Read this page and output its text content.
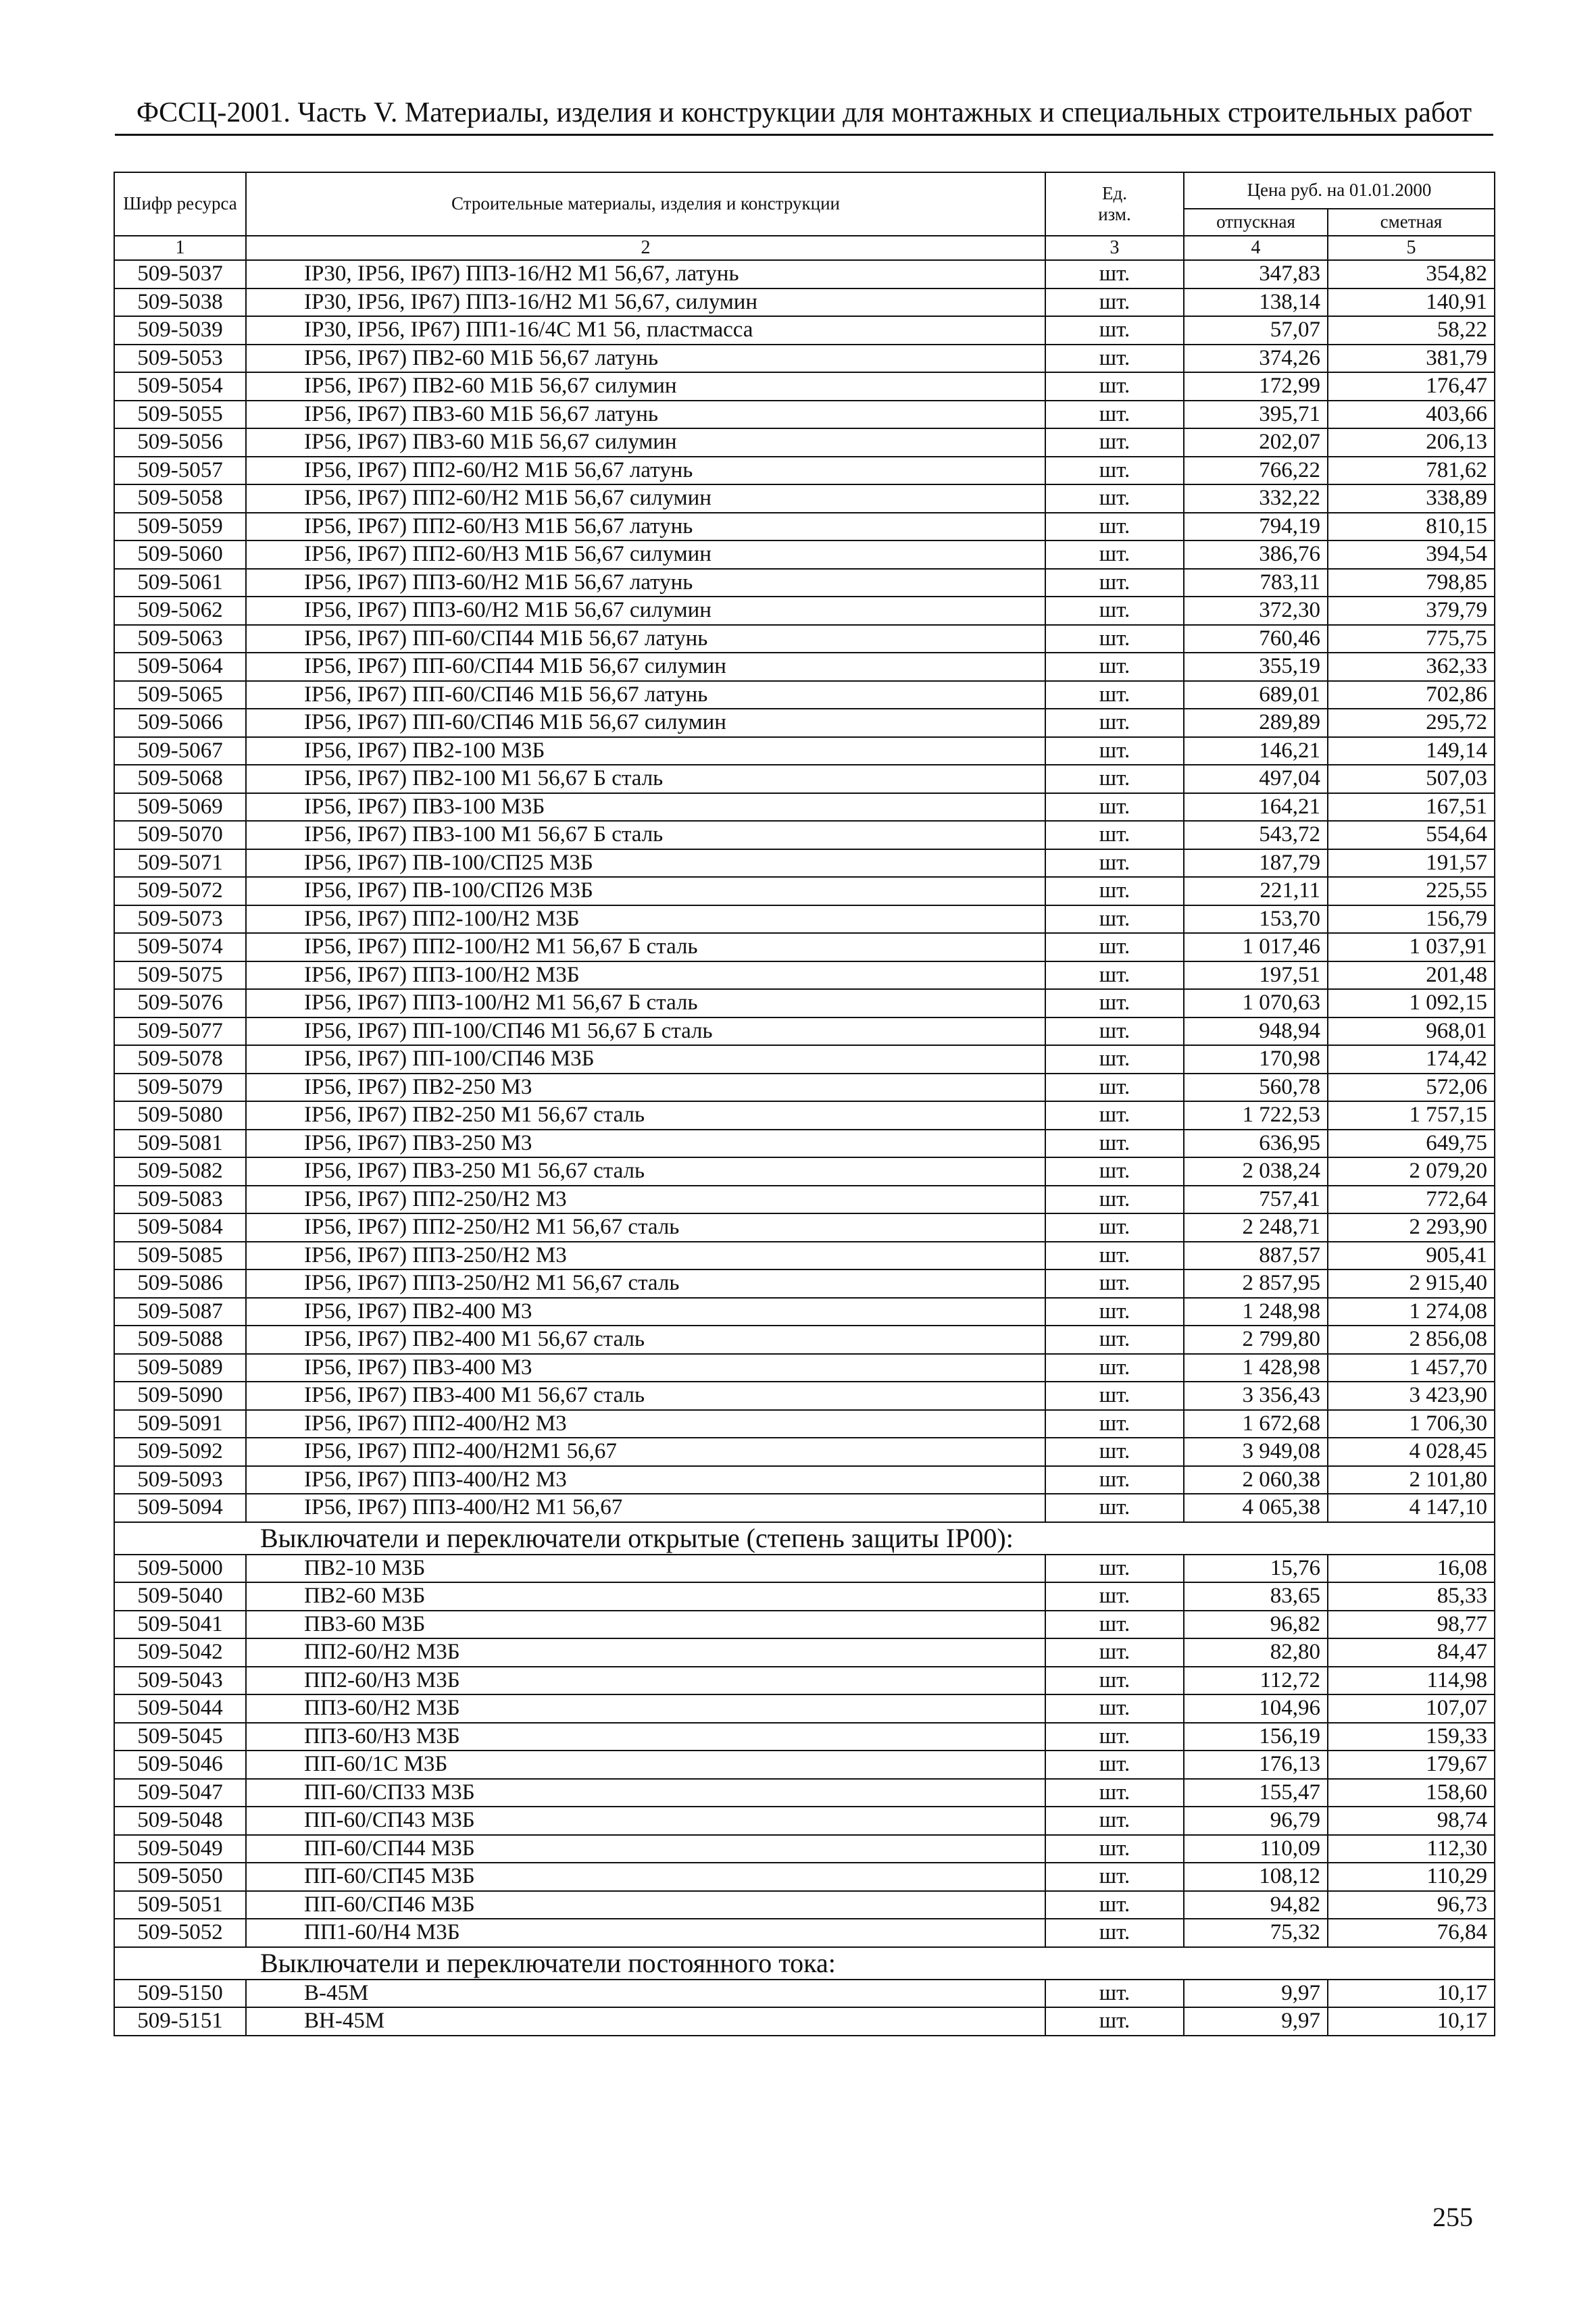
ФССЦ-2001. Часть V. Материалы, изделия и конструкции для монтажных и специальных строительных работ
Шифр ресурса	Строительные материалы, изделия и конструкции	Ед. изм.	Цена руб. на 01.01.2000	
			отпускная	сметная
1	2	3	4	5
509-5037	IP30, IP56, IP67) ППЗ-16/Н2 М1 56,67, латунь	шт.	347,83	354,82
509-5038	IP30, IP56, IP67) ППЗ-16/Н2 М1 56,67, силумин	шт.	138,14	140,91
509-5039	IP30, IP56, IP67) ПП1-16/4С М1 56, пластмасса	шт.	57,07	58,22
509-5053	IP56, IP67) ПВ2-60 М1Б 56,67 латунь	шт.	374,26	381,79
509-5054	IP56, IP67) ПВ2-60 М1Б 56,67 силумин	шт.	172,99	176,47
509-5055	IP56, IP67) ПВ3-60 М1Б 56,67 латунь	шт.	395,71	403,66
509-5056	IP56, IP67) ПВ3-60 М1Б 56,67 силумин	шт.	202,07	206,13
509-5057	IP56, IP67) ПП2-60/Н2 М1Б 56,67 латунь	шт.	766,22	781,62
509-5058	IP56, IP67) ПП2-60/Н2 М1Б 56,67 силумин	шт.	332,22	338,89
509-5059	IP56, IP67) ПП2-60/Н3 М1Б 56,67 латунь	шт.	794,19	810,15
509-5060	IP56, IP67) ПП2-60/Н3 М1Б 56,67 силумин	шт.	386,76	394,54
509-5061	IP56, IP67) ППЗ-60/Н2 М1Б 56,67 латунь	шт.	783,11	798,85
509-5062	IP56, IP67) ППЗ-60/Н2 М1Б 56,67 силумин	шт.	372,30	379,79
509-5063	IP56, IP67) ПП-60/СП44 М1Б 56,67 латунь	шт.	760,46	775,75
509-5064	IP56, IP67) ПП-60/СП44 М1Б 56,67 силумин	шт.	355,19	362,33
509-5065	IP56, IP67) ПП-60/СП46 М1Б 56,67 латунь	шт.	689,01	702,86
509-5066	IP56, IP67) ПП-60/СП46 М1Б 56,67 силумин	шт.	289,89	295,72
509-5067	IP56, IP67) ПВ2-100 М3Б	шт.	146,21	149,14
509-5068	IP56, IP67) ПВ2-100 М1 56,67 Б сталь	шт.	497,04	507,03
509-5069	IP56, IP67) ПВ3-100 М3Б	шт.	164,21	167,51
509-5070	IP56, IP67) ПВ3-100 М1 56,67 Б сталь	шт.	543,72	554,64
509-5071	IP56, IP67) ПВ-100/СП25 М3Б	шт.	187,79	191,57
509-5072	IP56, IP67) ПВ-100/СП26 М3Б	шт.	221,11	225,55
509-5073	IP56, IP67) ПП2-100/Н2 М3Б	шт.	153,70	156,79
509-5074	IP56, IP67) ПП2-100/Н2 М1 56,67 Б сталь	шт.	1 017,46	1 037,91
509-5075	IP56, IP67) ППЗ-100/Н2 М3Б	шт.	197,51	201,48
509-5076	IP56, IP67) ППЗ-100/Н2 М1 56,67 Б сталь	шт.	1 070,63	1 092,15
509-5077	IP56, IP67) ПП-100/СП46 М1 56,67 Б сталь	шт.	948,94	968,01
509-5078	IP56, IP67) ПП-100/СП46 М3Б	шт.	170,98	174,42
509-5079	IP56, IP67) ПВ2-250 М3	шт.	560,78	572,06
509-5080	IP56, IP67) ПВ2-250 М1 56,67 сталь	шт.	1 722,53	1 757,15
509-5081	IP56, IP67) ПВ3-250 М3	шт.	636,95	649,75
509-5082	IP56, IP67) ПВ3-250 М1 56,67 сталь	шт.	2 038,24	2 079,20
509-5083	IP56, IP67) ПП2-250/Н2 М3	шт.	757,41	772,64
509-5084	IP56, IP67) ПП2-250/Н2 М1 56,67 сталь	шт.	2 248,71	2 293,90
509-5085	IP56, IP67) ППЗ-250/Н2 М3	шт.	887,57	905,41
509-5086	IP56, IP67) ППЗ-250/Н2 М1 56,67 сталь	шт.	2 857,95	2 915,40
509-5087	IP56, IP67) ПВ2-400 М3	шт.	1 248,98	1 274,08
509-5088	IP56, IP67) ПВ2-400 М1 56,67 сталь	шт.	2 799,80	2 856,08
509-5089	IP56, IP67) ПВ3-400 М3	шт.	1 428,98	1 457,70
509-5090	IP56, IP67) ПВ3-400 М1 56,67 сталь	шт.	3 356,43	3 423,90
509-5091	IP56, IP67) ПП2-400/Н2 М3	шт.	1 672,68	1 706,30
509-5092	IP56, IP67) ПП2-400/Н2М1 56,67	шт.	3 949,08	4 028,45
509-5093	IP56, IP67) ППЗ-400/Н2 М3	шт.	2 060,38	2 101,80
509-5094	IP56, IP67) ППЗ-400/Н2 М1 56,67	шт.	4 065,38	4 147,10
Выключатели и переключатели открытые (степень защиты IP00):				
509-5000	ПВ2-10 М3Б	шт.	15,76	16,08
509-5040	ПВ2-60 М3Б	шт.	83,65	85,33
509-5041	ПВ3-60 М3Б	шт.	96,82	98,77
509-5042	ПП2-60/Н2 М3Б	шт.	82,80	84,47
509-5043	ПП2-60/Н3 М3Б	шт.	112,72	114,98
509-5044	ППЗ-60/Н2 М3Б	шт.	104,96	107,07
509-5045	ППЗ-60/Н3 М3Б	шт.	156,19	159,33
509-5046	ПП-60/1С М3Б	шт.	176,13	179,67
509-5047	ПП-60/СП33 М3Б	шт.	155,47	158,60
509-5048	ПП-60/СП43 М3Б	шт.	96,79	98,74
509-5049	ПП-60/СП44 М3Б	шт.	110,09	112,30
509-5050	ПП-60/СП45 М3Б	шт.	108,12	110,29
509-5051	ПП-60/СП46 М3Б	шт.	94,82	96,73
509-5052	ПП1-60/Н4 М3Б	шт.	75,32	76,84
Выключатели и переключатели постоянного тока:				
509-5150	В-45М	шт.	9,97	10,17
509-5151	ВН-45М	шт.	9,97	10,17
255
